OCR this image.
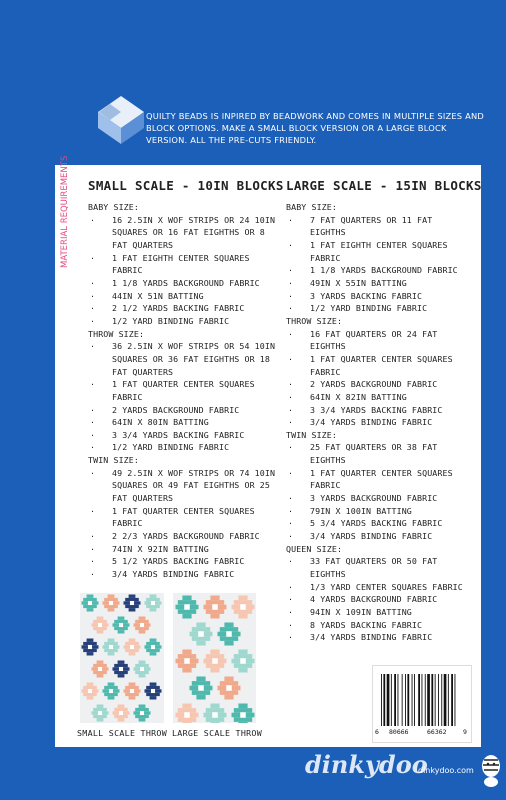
QUILTY BEADS IS INPIRED BY BEADWORK AND COMES IN MULTIPLE SIZES AND BLOCK OPTIONS. MAKE A SMALL BLOCK VERSION OR A LARGE BLOCK VERSION. ALL THE PRE-CUTS FRIENDLY.
MATERIAL REQUIREMENTS SMALL SCALE - 10IN BLOCKS
BABY SIZE:
· 16 2.5IN X WOF STRIPS OR 24 10IN SQUARES OR 16 FAT EIGHTHS OR 8 FAT QUARTERS
· 1 FAT EIGHTH CENTER SQUARES FABRIC
· 1 1/8 YARDS BACKGROUND FABRIC
· 44IN X 51N BATTING
· 2 1/2 YARDS BACKING FABRIC
· 1/2 YARD BINDING FABRIC
THROW SIZE:
· 36 2.5IN X WOF STRIPS OR 54 10IN SQUARES OR 36 FAT EIGHTHS OR 18 FAT QUARTERS
· 1 FAT QUARTER CENTER SQUARES FABRIC
· 2 YARDS BACKGROUND FABRIC
· 64IN X 80IN BATTING
· 3 3/4 YARDS BACKING FABRIC
· 1/2 YARD BINDING FABRIC
TWIN SIZE:
· 49 2.5IN X WOF STRIPS OR 74 10IN SQUARES OR 49 FAT EIGHTHS OR 25 FAT QUARTERS
· 1 FAT QUARTER CENTER SQUARES FABRIC
· 2 2/3 YARDS BACKGROUND FABRIC
· 74IN X 92IN BATTING
· 5 1/2 YARDS BACKING FABRIC
· 3/4 YARDS BINDING FABRIC
LARGE SCALE - 15IN BLOCKS
BABY SIZE:
· 7 FAT QUARTERS OR 11 FAT EIGHTHS
· 1 FAT EIGHTH CENTER SQUARES FABRIC
· 1 1/8 YARDS BACKGROUND FABRIC
· 49IN X 55IN BATTING
· 3 YARDS BACKING FABRIC
· 1/2 YARD BINDING FABRIC
THROW SIZE:
· 16 FAT QUARTERS OR 24 FAT EIGHTHS
· 1 FAT QUARTER CENTER SQUARES FABRIC
· 2 YARDS BACKGROUND FABRIC
· 64IN X 82IN BATTING
· 3 3/4 YARDS BACKING FABRIC
· 3/4 YARDS BINDING FABRIC
TWIN SIZE:
· 25 FAT QUARTERS OR 38 FAT EIGHTHS
· 1 FAT QUARTER CENTER SQUARES FABRIC
· 3 YARDS BACKGROUND FABRIC
· 79IN X 100IN BATTING
· 5 3/4 YARDS BACKING FABRIC
· 3/4 YARDS BINDING FABRIC
QUEEN SIZE:
· 33 FAT QUARTERS OR 50 FAT EIGHTHS
· 1/3 YARD CENTER SQUARES FABRIC
· 4 YARDS BACKGROUND FABRIC
· 94IN X 109IN BATTING
· 8 YARDS BACKING FABRIC
· 3/4 YARDS BINDING FABRIC
SMALL SCALE THROW LARGE SCALE THROW	6 80666	66362	9
dinkydoo
dinkydoo.com
